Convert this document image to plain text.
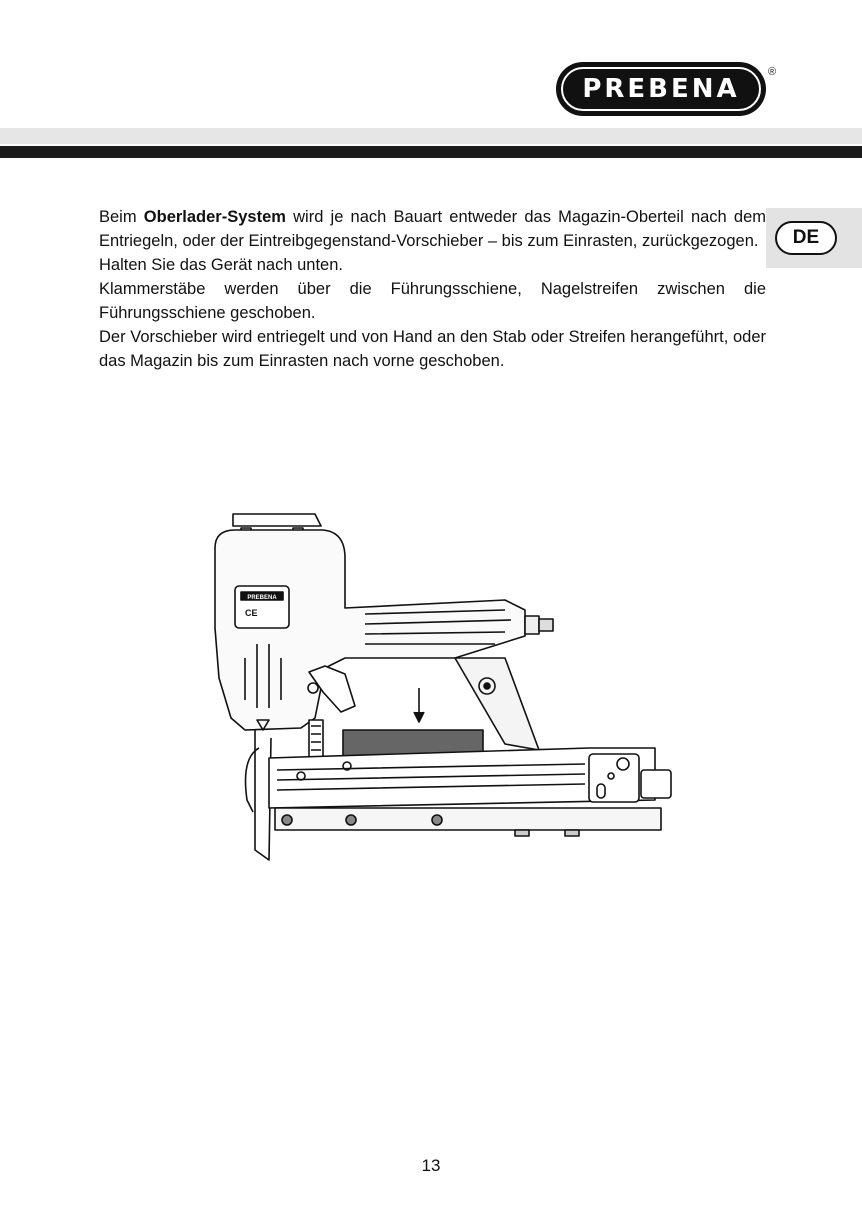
PREBENA
®
DE

Beim Oberlader-System wird je nach Bauart entweder das Magazin-Oberteil nach dem Entriegeln, oder der Eintreibgegenstand-Vorschieber – bis zum Einrasten, zurückgezogen.

Halten Sie das Gerät nach unten.

Klammerstäbe werden über die Führungsschiene, Nagelstreifen zwischen die Führungsschiene geschoben.

Der Vorschieber wird entriegelt und von Hand an den Stab oder Streifen herangeführt, oder das Magazin bis zum Einrasten nach vorne geschoben.

PREBENA
CE
13
